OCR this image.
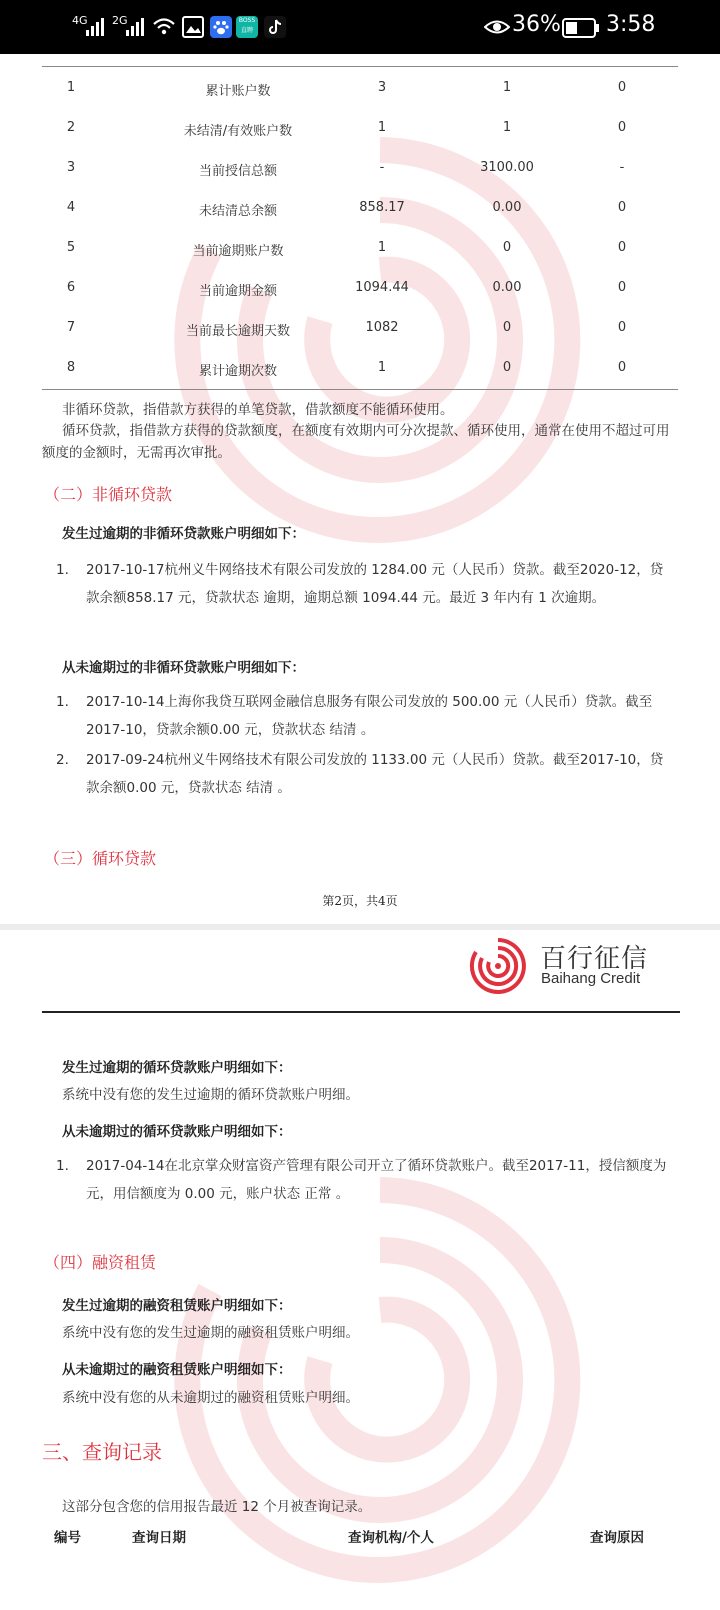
4G 2G	BOSS 直聘	36% 3:58
1	累计账户数	3	1	0
2	未结清/有效账户数	1	1	0
3	当前授信总额	-	3100.00	-
4	未结清总余额	858.17	0.00	0
5	当前逾期账户数	1	0	0
6	当前逾期金额	1094.44	0.00	0
7	当前最长逾期天数	1082	0	0
8	累计逾期次数	1	0	0
非循环贷款，指借款方获得的单笔贷款，借款额度不能循环使用。
循环贷款，指借款方获得的贷款额度，在额度有效期内可分次提款、循环使用，通常在使用不超过可用额度的金额时，无需再次审批。
（二）非循环贷款
发生过逾期的非循环贷款账户明细如下：
1.	2017-10-17杭州义牛网络技术有限公司发放的 1284.00 元（人民币）贷款。截至2020-12，贷款余额858.17 元，贷款状态 逾期，逾期总额 1094.44 元。最近 3 年内有 1 次逾期。
从未逾期过的非循环贷款账户明细如下：
1.	2017-10-14上海你我贷互联网金融信息服务有限公司发放的 500.00 元（人民币）贷款。截至2017-10，贷款余额0.00 元，贷款状态 结清 。
2.	2017-09-24杭州义牛网络技术有限公司发放的 1133.00 元（人民币）贷款。截至2017-10，贷款余额0.00 元，贷款状态 结清 。
（三）循环贷款
第2页，共4页
百行征信
Baihang Credit
发生过逾期的循环贷款账户明细如下：
系统中没有您的发生过逾期的循环贷款账户明细。
从未逾期过的循环贷款账户明细如下：
1.	2017-04-14在北京掌众财富资产管理有限公司开立了循环贷款账户。截至2017-11，授信额度为 元，用信额度为 0.00 元，账户状态 正常 。
（四）融资租赁
发生过逾期的融资租赁账户明细如下：
系统中没有您的发生过逾期的融资租赁账户明细。
从未逾期过的融资租赁账户明细如下：
系统中没有您的从未逾期过的融资租赁账户明细。
三、查询记录
这部分包含您的信用报告最近 12 个月被查询记录。
编号	查询日期	查询机构/个人	查询原因
